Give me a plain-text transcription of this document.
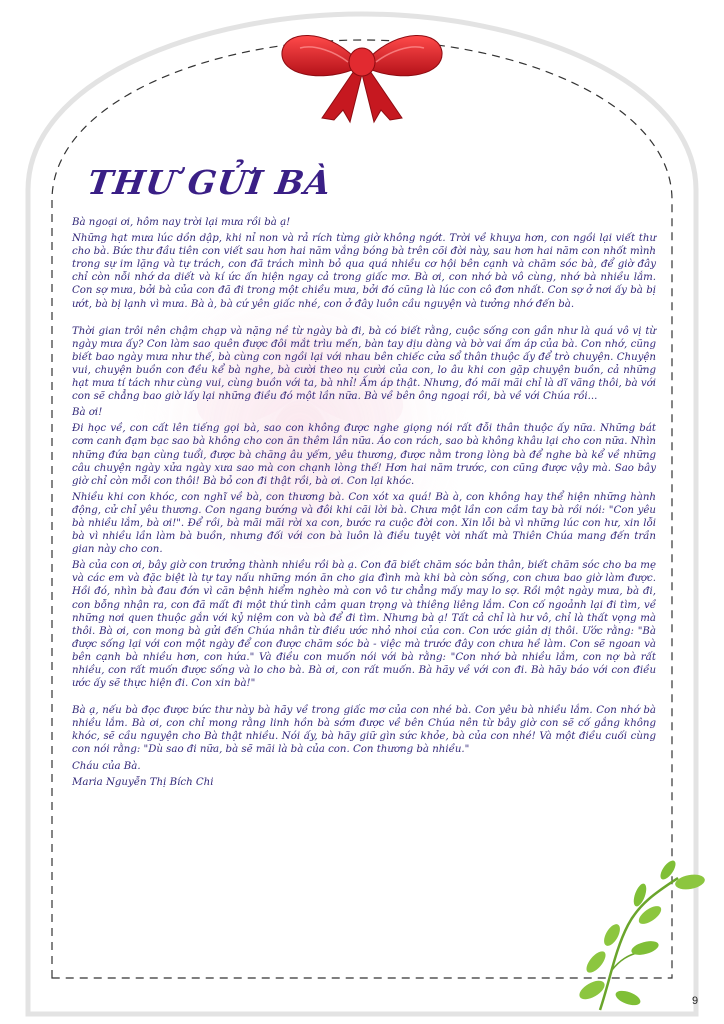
THƯ GỬI BÀ

Bà ngoại ơi, hôm nay trời lại mưa rồi bà ạ!

Những hạt mưa lúc dồn dập, khi nỉ non và rả rích từng giờ không ngớt. Trời về khuya hơn, con ngồi lại viết thư cho bà. Bức thư đầu tiên con viết sau hơn hai năm vắng bóng bà trên cõi đời này, sau hơn hai năm con nhốt mình trong sự im lặng và tự trách, con đã trách mình bỏ qua quá nhiều cơ hội bên cạnh và chăm sóc bà, để giờ đây chỉ còn nỗi nhớ da diết và kí ức ấn hiện ngay cả trong giấc mơ. Bà ơi, con nhớ bà vô cùng, nhớ bà nhiều lắm. Con sợ mưa, bởi bà của con đã đi trong một chiều mưa, bởi đó cũng là lúc con cô đơn nhất. Con sợ ở nơi ấy bà bị ướt, bà bị lạnh vì mưa. Bà à, bà cứ yên giấc nhé, con ở đây luôn cầu nguyện và tưởng nhớ đến bà.

Thời gian trôi nên chậm chạp và nặng nề từ ngày bà đi, bà có biết rằng, cuộc sống con gần như là quá vô vị từ ngày mưa ấy? Con làm sao quên được đôi mắt trìu mến, bàn tay dịu dàng và bờ vai ấm áp của bà. Con nhớ, cũng biết bao ngày mưa như thế, bà cùng con ngồi lại với nhau bên chiếc cửa sổ thân thuộc ấy để trò chuyện. Chuyện vui, chuyện buồn con đều kể bà nghe, bà cười theo nụ cười của con, lo âu khi con gặp chuyện buồn, cả những hạt mưa tí tách như cùng vui, cùng buồn với ta, bà nhỉ! Ấm áp thật. Nhưng, đó mãi mãi chỉ là dĩ vãng thôi, bà với con sẽ chẳng bao giờ lấy lại những điều đó một lần nữa. Bà về bên ông ngoại rồi, bà về với Chúa rồi...

Bà ơi!

Đi học về, con cất lên tiếng gọi bà, sao con không được nghe giọng nói rất đỗi thân thuộc ấy nữa. Những bát cơm canh đạm bạc sao bà không cho con ăn thêm lần nữa. Áo con rách, sao bà không khâu lại cho con nữa. Nhìn những đứa bạn cùng tuổi, được bà chăng âu yếm, yêu thương, được nằm trong lòng bà để nghe bà kể về những câu chuyện ngày xửa ngày xưa sao mà con chạnh lòng thế! Hơn hai năm trước, con cũng được vậy mà. Sao bây giờ chỉ còn mỗi con thôi! Bà bỏ con đi thật rồi, bà ơi. Con lại khóc.

Nhiều khi con khóc, con nghĩ về bà, con thương bà. Con xót xa quá! Bà à, con không hay thể hiện những hành động, cử chỉ yêu thương. Con ngang bướng và đôi khi cãi lời bà. Chưa một lần con cầm tay bà rồi nói: "Con yêu bà nhiều lắm, bà ơi!". Để rồi, bà mãi mãi rời xa con, bước ra cuộc đời con. Xin lỗi bà vì những lúc con hư, xin lỗi bà vì nhiều lần làm bà buồn, nhưng đối với con bà luôn là điều tuyệt vời nhất mà Thiên Chúa mang đến trần gian này cho con.

Bà của con ơi, bây giờ con trưởng thành nhiều rồi bà ạ. Con đã biết chăm sóc bản thân, biết chăm sóc cho ba mẹ và các em và đặc biệt là tự tay nấu những món ăn cho gia đình mà khi bà còn sống, con chưa bao giờ làm được. Hồi đó, nhìn bà đau đớn vì căn bệnh hiểm nghèo mà con vô tư chẳng mấy may lo sợ. Rồi một ngày mưa, bà đi, con bỗng nhận ra, con đã mất đi một thứ tình cảm quan trọng và thiêng liêng lắm. Con cố ngoảnh lại đi tìm, về những nơi quen thuộc gắn với kỷ niệm con và bà để đi tìm. Nhưng bà ạ! Tất cả chỉ là hư vô, chỉ là thất vọng mà thôi. Bà ơi, con mong bà gửi đến Chúa nhân từ điều ước nhỏ nhoi của con. Con ước giản dị thôi. Ước rằng: "Bà được sống lại với con một ngày để con được chăm sóc bà - việc mà trước đây con chưa hề làm. Con sẽ ngoan và bên cạnh bà nhiều hơn, con hứa." Và điều con muốn nói với bà rằng: "Con nhớ bà nhiều lắm, con nợ bà rất nhiều, con rất muốn được sống và lo cho bà. Bà ơi, con rất muốn. Bà hãy về với con đi. Bà hãy báo với con điều ước ấy sẽ thực hiện đi. Con xin bà!"

Bà ạ, nếu bà đọc được bức thư này bà hãy về trong giấc mơ của con nhé bà. Con yêu bà nhiều lắm. Con nhớ bà nhiều lắm. Bà ơi, con chỉ mong rằng linh hồn bà sớm được về bên Chúa nên từ bây giờ con sẽ cố gắng không khóc, sẽ cầu nguyện cho Bà thật nhiều. Nói ấy, bà hãy giữ gìn sức khỏe, bà của con nhé! Và một điều cuối cùng con nói rằng: "Dù sao đi nữa, bà sẽ mãi là bà của con. Con thương bà nhiều."

Cháu của Bà.

Maria Nguyễn Thị Bích Chi

9
